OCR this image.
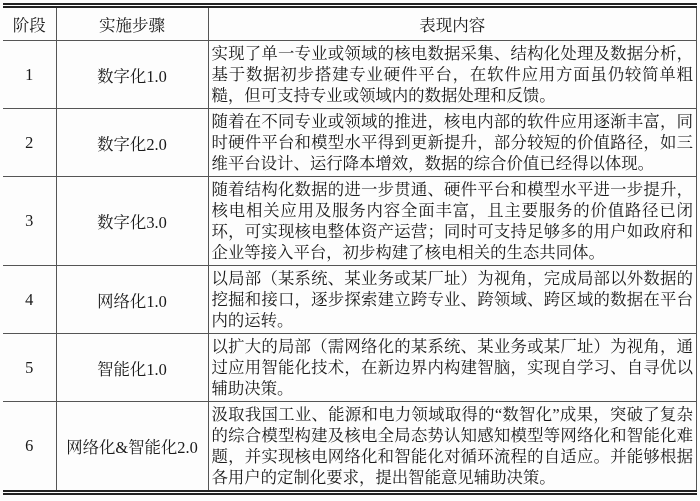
阶段	实施步骤	表现内容
1	数字化1.0	实现了单一专业或领域的核电数据采集、结构化处理及数据分析，基于数据初步搭建专业硬件平台，在软件应用方面虽仍较简单粗糙，但可支持专业或领域内的数据处理和反馈。
2	数字化2.0	随着在不同专业或领域的推进，核电内部的软件应用逐渐丰富，同时硬件平台和模型水平得到更新提升，部分较短的价值路径，如三维平台设计、运行降本增效，数据的综合价值已经得以体现。
3	数字化3.0	随着结构化数据的进一步贯通、硬件平台和模型水平进一步提升，核电相关应用及服务内容全面丰富，且主要服务的价值路径已闭环，可实现核电整体资产运营；同时可支持足够多的用户如政府和企业等接入平台，初步构建了核电相关的生态共同体。
4	网络化1.0	以局部（某系统、某业务或某厂址）为视角，完成局部以外数据的挖掘和接口，逐步探索建立跨专业、跨领域、跨区域的数据在平台内的运转。
5	智能化1.0	以扩大的局部（需网络化的某系统、某业务或某厂址）为视角，通过应用智能化技术，在新边界内构建智脑，实现自学习、自寻优以辅助决策。
6	网络化&智能化2.0	汲取我国工业、能源和电力领域取得的“数智化”成果，突破了复杂的综合模型构建及核电全局态势认知感知模型等网络化和智能化难题，并实现核电网络化和智能化对循环流程的自适应。并能够根据各用户的定制化要求，提出智能意见辅助决策。
